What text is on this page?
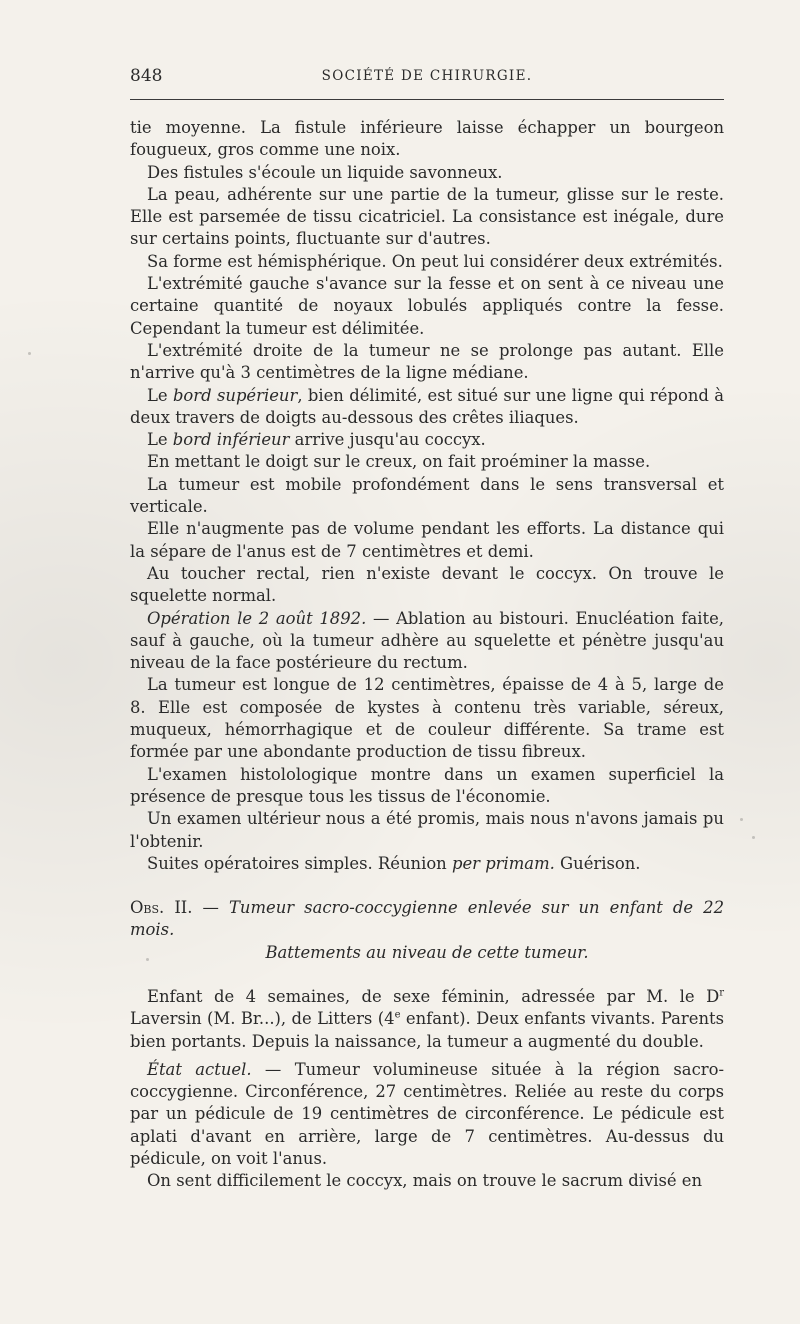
848	SOCIÉTÉ DE CHIRURGIE.

tie moyenne. La fistule inférieure laisse échapper un bourgeon fougueux, gros comme une noix.

Des fistules s'écoule un liquide savonneux.

La peau, adhérente sur une partie de la tumeur, glisse sur le reste. Elle est parsemée de tissu cicatriciel. La consistance est inégale, dure sur certains points, fluctuante sur d'autres.

Sa forme est hémisphérique. On peut lui considérer deux extrémités.

L'extrémité gauche s'avance sur la fesse et on sent à ce niveau une certaine quantité de noyaux lobulés appliqués contre la fesse. Cependant la tumeur est délimitée.

L'extrémité droite de la tumeur ne se prolonge pas autant. Elle n'arrive qu'à 3 centimètres de la ligne médiane.

Le bord supérieur, bien délimité, est situé sur une ligne qui répond à deux travers de doigts au-dessous des crêtes iliaques.

Le bord inférieur arrive jusqu'au coccyx.

En mettant le doigt sur le creux, on fait proéminer la masse.

La tumeur est mobile profondément dans le sens transversal et verticale.

Elle n'augmente pas de volume pendant les efforts. La distance qui la sépare de l'anus est de 7 centimètres et demi.

Au toucher rectal, rien n'existe devant le coccyx. On trouve le squelette normal.

Opération le 2 août 1892. — Ablation au bistouri. Enucléation faite, sauf à gauche, où la tumeur adhère au squelette et pénètre jusqu'au niveau de la face postérieure du rectum.

La tumeur est longue de 12 centimètres, épaisse de 4 à 5, large de 8. Elle est composée de kystes à contenu très variable, séreux, muqueux, hémorrhagique et de couleur différente. Sa trame est formée par une abondante production de tissu fibreux.

L'examen histolologique montre dans un examen superficiel la présence de presque tous les tissus de l'économie.

Un examen ultérieur nous a été promis, mais nous n'avons jamais pu l'obtenir.

Suites opératoires simples. Réunion per primam. Guérison.

Obs. II. — Tumeur sacro-coccygienne enlevée sur un enfant de 22 mois.

Battements au niveau de cette tumeur.

Enfant de 4 semaines, de sexe féminin, adressée par M. le $D^r$ Laversin (M. Br...), de Litters (4e enfant). Deux enfants vivants. Parents bien portants. Depuis la naissance, la tumeur a augmenté du double.

État actuel. — Tumeur volumineuse située à la région sacro-coccygienne. Circonférence, 27 centimètres. Reliée au reste du corps par un pédicule de 19 centimètres de circonférence. Le pédicule est aplati d'avant en arrière, large de 7 centimètres. Au-dessus du pédicule, on voit l'anus.

On sent difficilement le coccyx, mais on trouve le sacrum divisé en
